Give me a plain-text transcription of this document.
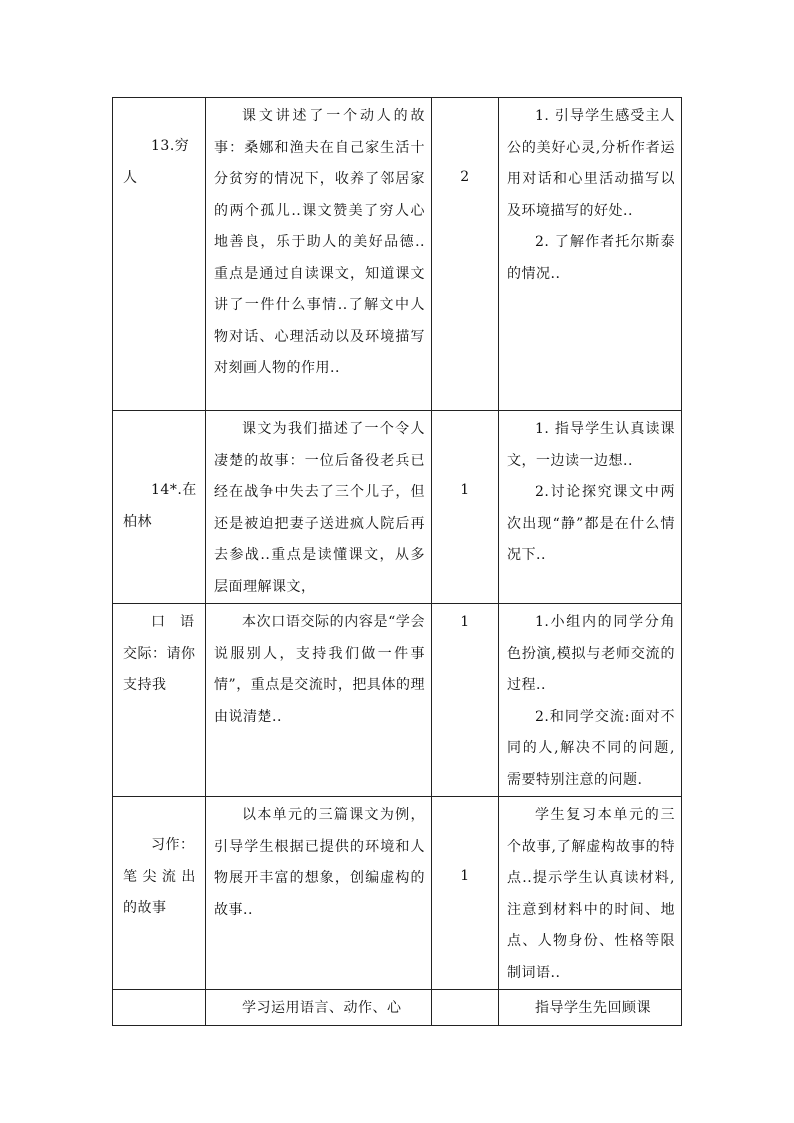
13.穷人	课文讲述了一个动人的故事：桑娜和渔夫在自己家生活十分贫穷的情况下，收养了邻居家的两个孤儿..课文赞美了穷人心地善良，乐于助人的美好品德..重点是通过自读课文，知道课文讲了一件什么事情..了解文中人物对话、心理活动以及环境描写对刻画人物的作用..	2	1. 引导学生感受主人公的美好心灵,分析作者运用对话和心里活动描写以及环境描写的好处..
2. 了解作者托尔斯泰的情况..

14*.在柏林	课文为我们描述了一个令人凄楚的故事：一位后备役老兵已经在战争中失去了三个儿子，但还是被迫把妻子送进疯人院后再去参战..重点是读懂课文，从多层面理解课文，	1	1. 指导学生认真读课文，一边读一边想..
2.讨论探究课文中两次出现“静”都是在什么情况下..

口　语交际：请你支持我	本次口语交际的内容是“学会说服别人，支持我们做一件事情”，重点是交流时，把具体的理由说清楚..	1	1.小组内的同学分角色扮演,模拟与老师交流的过程..
2.和同学交流:面对不同的人,解决不同的问题,需要特别注意的问题.

习作：笔 尖 流 出的故事	以本单元的三篇课文为例，引导学生根据已提供的环境和人物展开丰富的想象，创编虚构的故事..	1	学生复习本单元的三个故事,了解虚构故事的特点..提示学生认真读材料,注意到材料中的时间、地点、人物身份、性格等限制词语..

	学习运用语言、动作、心		指导学生先回顾课
